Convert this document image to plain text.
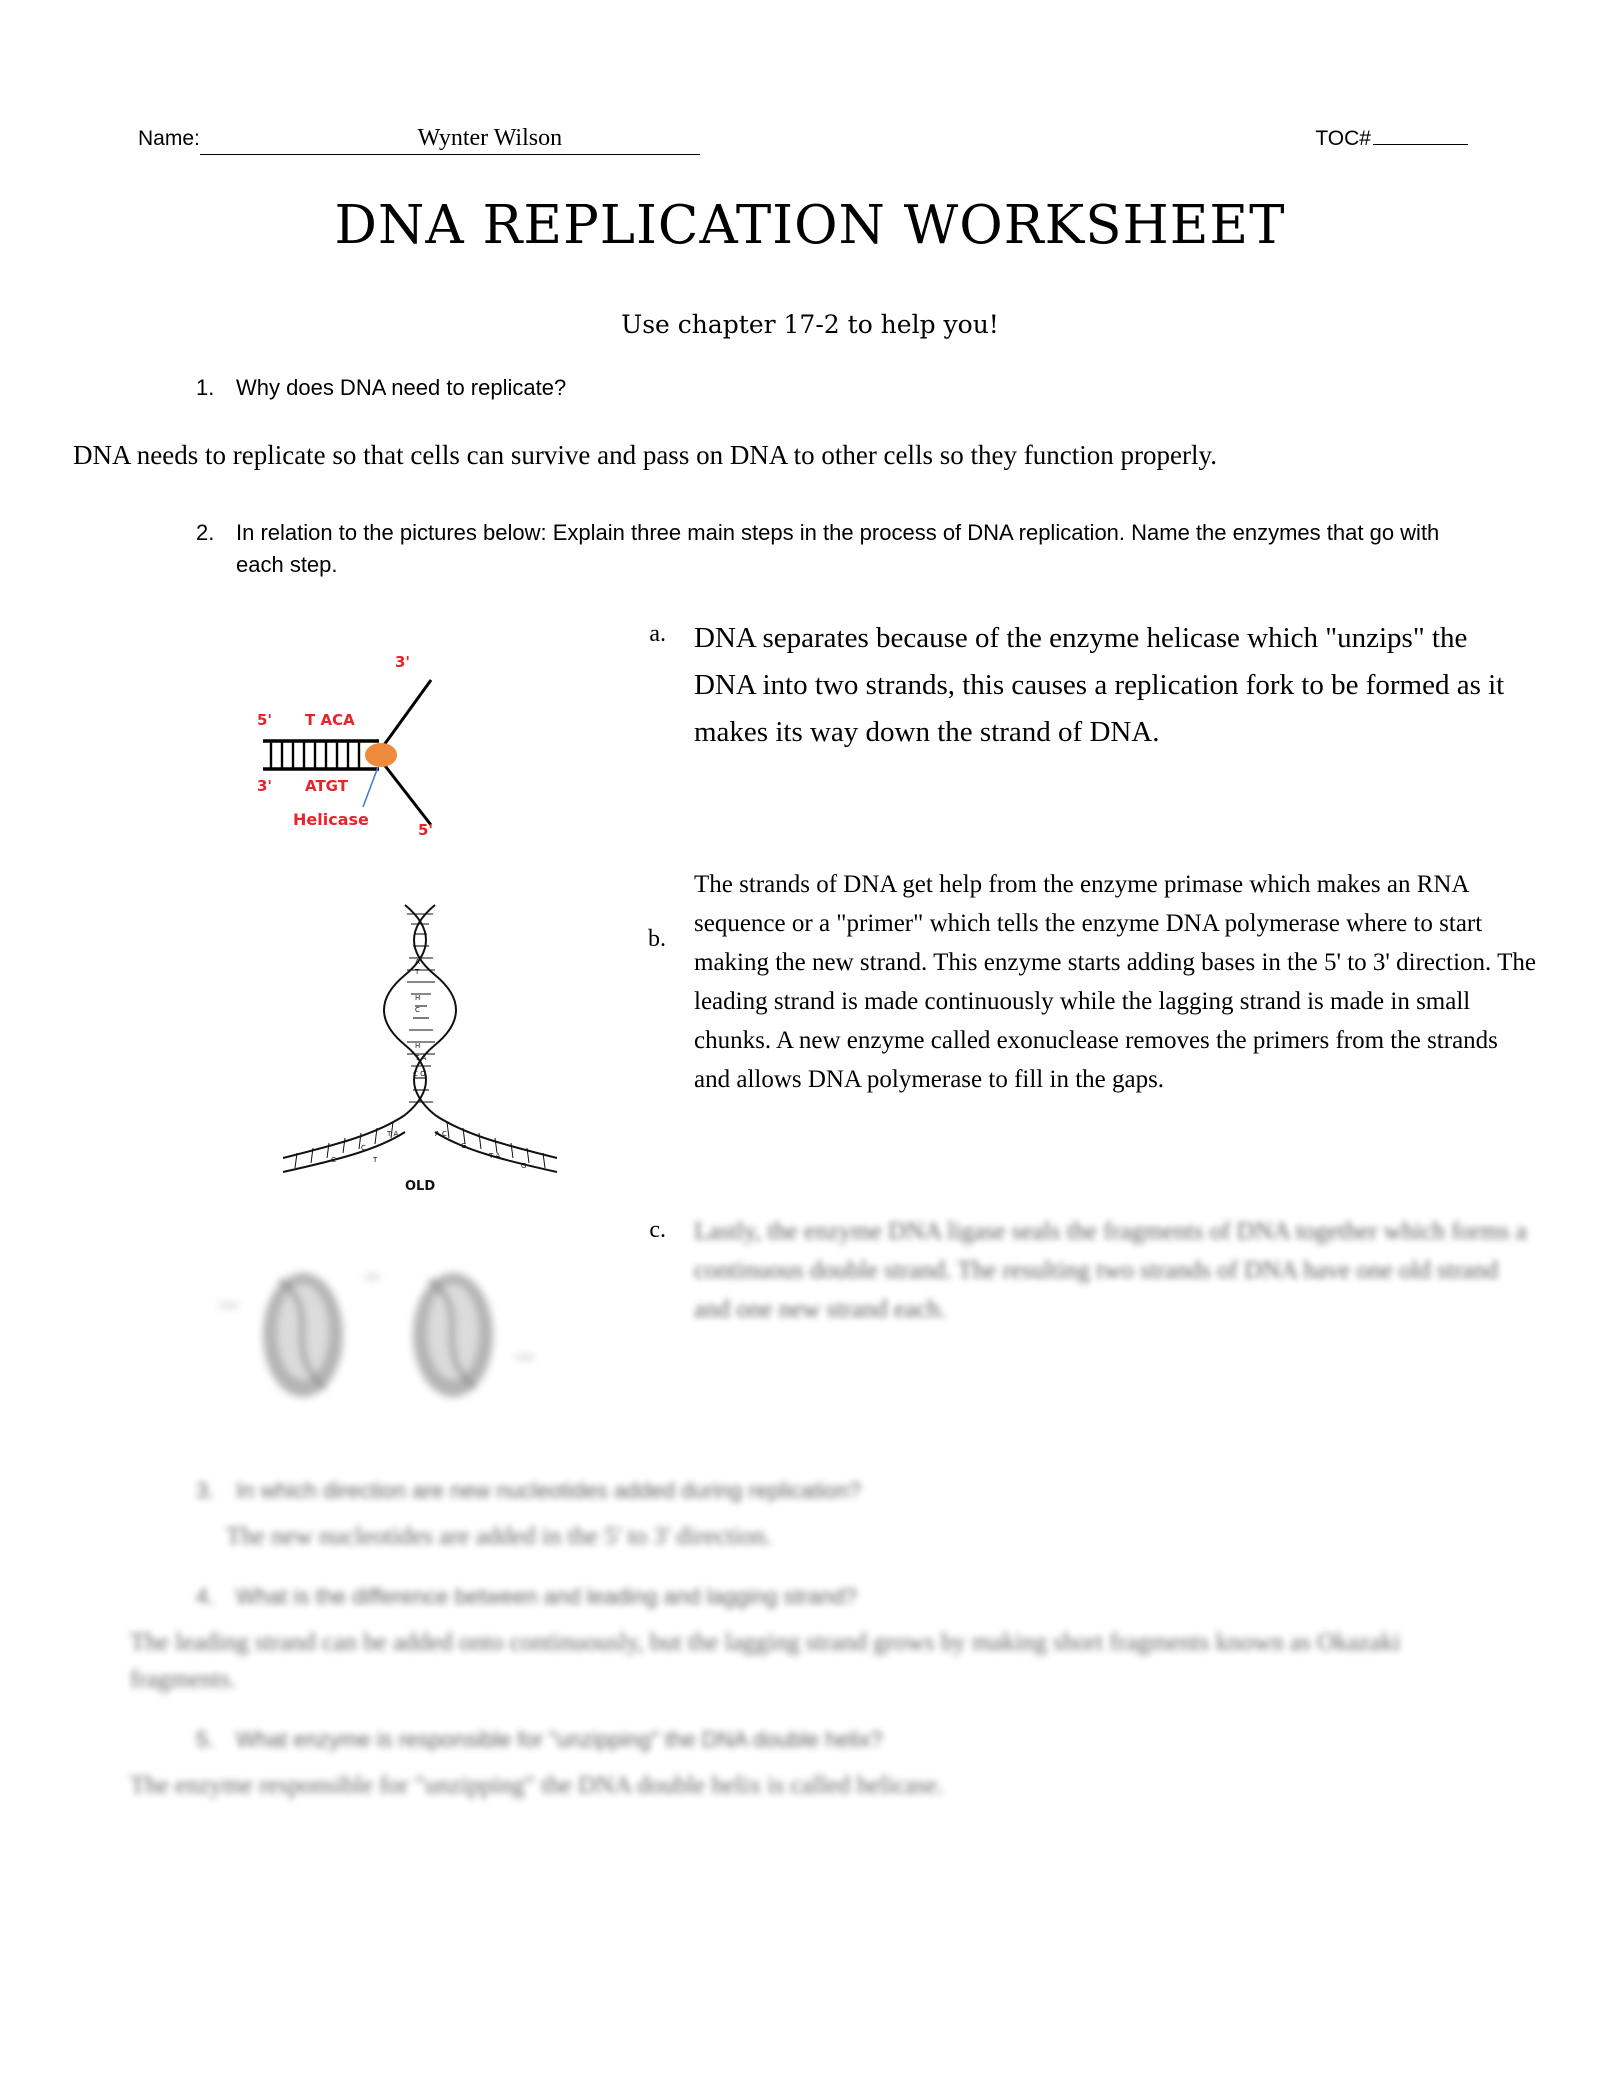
Name:	Wynter Wilson	TOC#
DNA REPLICATION WORKSHEET
Use chapter 17-2 to help you!
1. Why does DNA need to replicate?
DNA needs to replicate so that cells can survive and pass on DNA to other cells so they function properly.
2. In relation to the pictures below: Explain three main steps in the process of DNA replication. Name the enzymes that go with each step.
3'
5' T ACA
3' ATGT
Helicase
5'
A
T
H
C
H
T A
C O
T A	A C
C	G
C	T A
T
G
OLD
new
new
old
a. DNA separates because of the enzyme helicase which "unzips" the DNA into two strands, this causes a replication fork to be formed as it makes its way down the strand of DNA.
b.
The strands of DNA get help from the enzyme primase which makes an RNA sequence or a "primer" which tells the enzyme DNA polymerase where to start making the new strand. This enzyme starts adding bases in the 5' to 3' direction. The leading strand is made continuously while the lagging strand is made in small chunks. A new enzyme called exonuclease removes the primers from the strands and allows DNA polymerase to fill in the gaps.
c. Lastly, the enzyme DNA ligase seals the fragments of DNA together which forms a continuous double strand. The resulting two strands of DNA have one old strand and one new strand each.
3. In which direction are new nucleotides added during replication?
The new nucleotides are added in the 5' to 3' direction.
4. What is the difference between and leading and lagging strand?
The leading strand can be added onto continuously, but the lagging strand grows by making short fragments known as Okazaki fragments.
5. What enzyme is responsible for "unzipping" the DNA double helix?
The enzyme responsible for "unzipping" the DNA double helix is called helicase.
